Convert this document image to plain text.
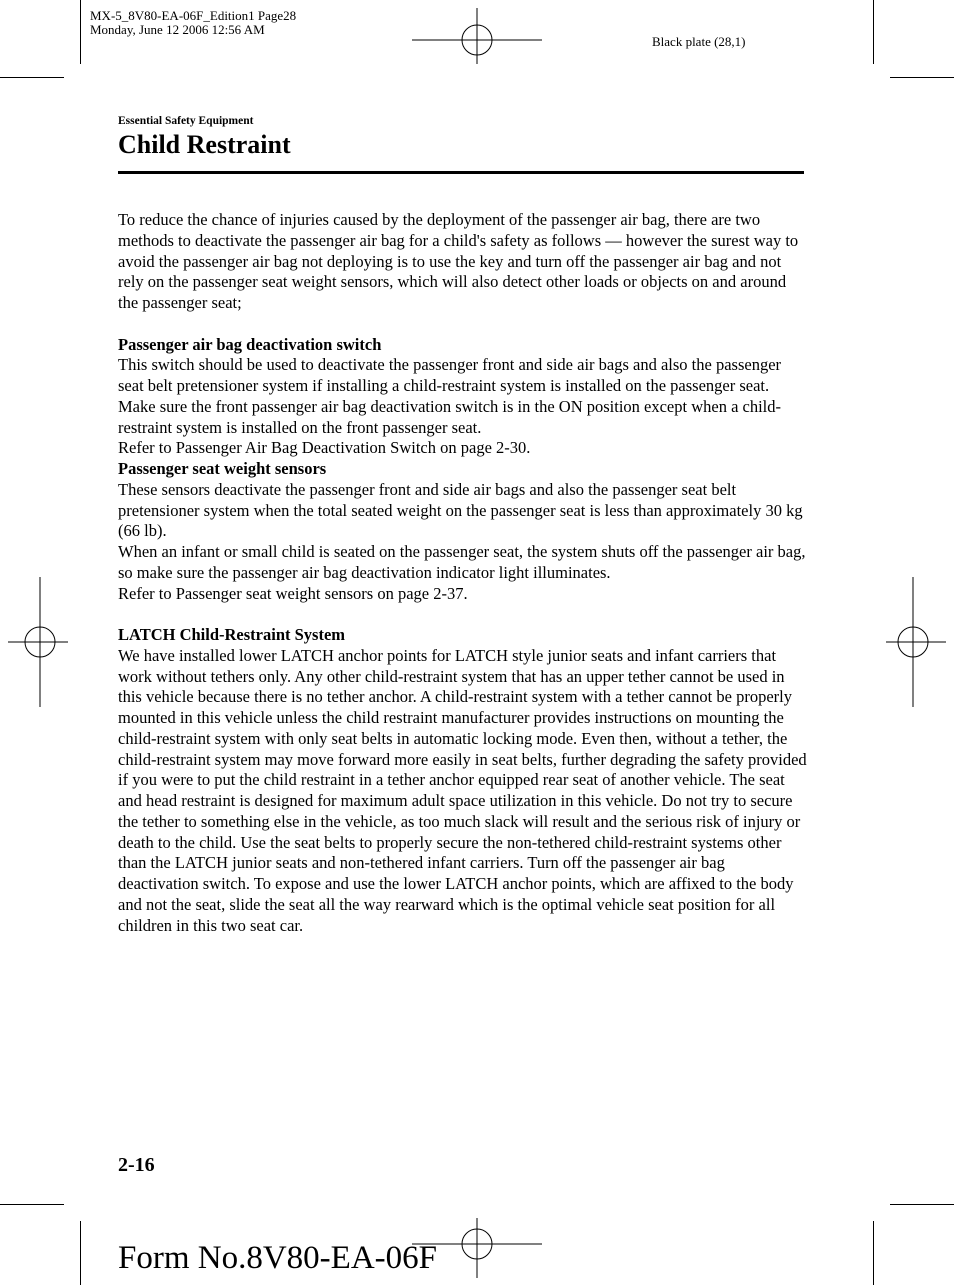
MX-5_8V80-EA-06F_Edition1 Page28
Monday, June 12 2006 12:56 AM
Black plate (28,1)
Essential Safety Equipment
Child Restraint

To reduce the chance of injuries caused by the deployment of the passenger air bag, there are two methods to deactivate the passenger air bag for a child's safety as follows ― however the surest way to avoid the passenger air bag not deploying is to use the key and turn off the passenger air bag and not rely on the passenger seat weight sensors, which will also detect other loads or objects on and around the passenger seat;

Passenger air bag deactivation switch

This switch should be used to deactivate the passenger front and side air bags and also the passenger seat belt pretensioner system if installing a child-restraint system is installed on the passenger seat.

Make sure the front passenger air bag deactivation switch is in the ON position except when a child-restraint system is installed on the front passenger seat.

Refer to Passenger Air Bag Deactivation Switch on page 2-30.

Passenger seat weight sensors

These sensors deactivate the passenger front and side air bags and also the passenger seat belt pretensioner system when the total seated weight on the passenger seat is less than approximately 30 kg (66 lb).

When an infant or small child is seated on the passenger seat, the system shuts off the passenger air bag, so make sure the passenger air bag deactivation indicator light illuminates.

Refer to Passenger seat weight sensors on page 2-37.

LATCH Child-Restraint System

We have installed lower LATCH anchor points for LATCH style junior seats and infant carriers that work without tethers only. Any other child-restraint system that has an upper tether cannot be used in this vehicle because there is no tether anchor. A child-restraint system with a tether cannot be properly mounted in this vehicle unless the child restraint manufacturer provides instructions on mounting the child-restraint system with only seat belts in automatic locking mode. Even then, without a tether, the child-restraint system may move forward more easily in seat belts, further degrading the safety provided if you were to put the child restraint in a tether anchor equipped rear seat of another vehicle. The seat and head restraint is designed for maximum adult space utilization in this vehicle. Do not try to secure the tether to something else in the vehicle, as too much slack will result and the serious risk of injury or death to the child. Use the seat belts to properly secure the non-tethered child-restraint systems other than the LATCH junior seats and non-tethered infant carriers. Turn off the passenger air bag deactivation switch. To expose and use the lower LATCH anchor points, which are affixed to the body and not the seat, slide the seat all the way rearward which is the optimal vehicle seat position for all children in this two seat car.

2-16
Form No.8V80-EA-06F
